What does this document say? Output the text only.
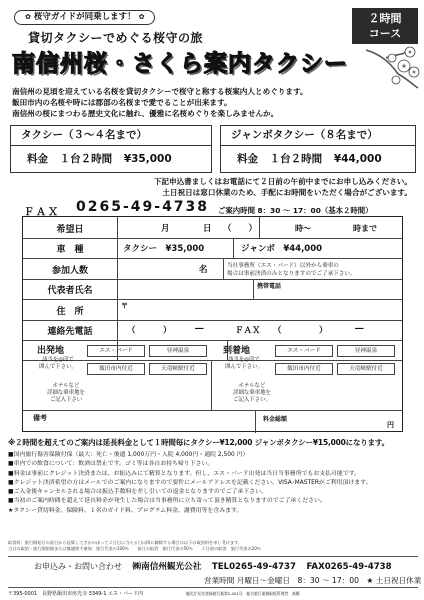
✿ 桜守ガイドが同乗します！ ✿
貸切タクシーでめぐる桜守の旅
２時間
コース
南信州桜・さくら案内タクシー
南信州の見頃を迎えている名桜を貸切タクシーで桜守と称する桜案内人とめぐります。
飯田市内の名桜や時には郡部の名桜まで愛でることが出来ます。
南信州の桜にまつわる歴史文化に触れ、優雅に名桜めぐりを楽しみませんか。
タクシー（３～４名まで）
料金 １台２時間 ¥35,000
ジャンボタクシー（８名まで）
料金 １台２時間 ¥44,000
下記申込書ましくはお電話にて２日前の午前中までにお申し込みください。
土日祝日は窓口休業のため、手配にお時間をいただく場合がございます。
ＦＡＸ 0265-49-4738 ご案内時間 8：30 ～ 17：00（基本２時間）
希望日	月	日 （　　）	時～	時まで
車　種	タクシー　¥35,000	ジャンボ　¥44,000
参加人数	名	当社事務所（エス・バード）以外から乗車の
場合は事前決済のみとなりますのでご了承下さい。
代表者氏名	携帯電話
住　所
〒
連絡先電話	（	）	―	ＦＡＸ （	）	―
出発地
該当を◎印で
囲んで下さい。
エス・バード	昼神温泉
飯田市内付近	天竜峡駅付近
ホテルなど
詳細な乗車地を
ご記入下さい
到着地
該当を◎印で
囲んで下さい。
エス・バード	昼神温泉
飯田市内付近	天竜峡駅付近
ホテルなど
詳細な乗車地を
ご記入下さい。
備考	料金総額
円
※２時間を超えてのご案内は延長料金として１時間毎にタクシー¥12,000 ジャンボタクシー¥15,000になります。
■国内旅行傷害保険付保（最大：死亡・後遺 1,000万円・入院 4,000円・通院 2,500 円）
■車内での飲食について：飲酒は禁止です。ゴミ等は各自お持ち帰り下さい。
■料金は事前にクレジット決済または、お振込みにて精算となります。但し、エス・バード出発は当日当事務所でもお支払可能です。
■クレジット決済希望の方はメールでのご案内になりますので要件にメールアドレスを記載ください。VISA･MASTERがご利用頂けます。
■ご入金後キャンセルされる場合は振込手数料を差し引いての返金となりますのでご了承下さい。
■当初のご案内時間を超えて延長料金が発生した場合は当事務所に立ち寄って頂き精算となりますのでご了承ください。
★タクシー貸切料金、保険料、１名のガイド料、プログラム料金、謝費用等を含みます。
取消料：旅行開始日の前日から起算してさかのぼって２日目に当たる日以降に解除する場合は以下の取消料を申し受けます。
当日の取消・旅行開始後または無連絡不参加　旅行代金の100％　　前日の取消　旅行代金の50％　　２日前の取消　旅行代金の20％
お申込み・お問い合わせ ㈱南信州観光公社 TEL0265-49-4737 FAX0265-49-4738
営業時間 月曜日～金曜日　8：30 ～ 17：00　★ 土日祝日休業
〒395-0001　長野県飯田市座光寺 3349-1 エス・バード内	観光庁長官登録旅行業第2-401号　総合旅行業務取扱管理者　髙橋
